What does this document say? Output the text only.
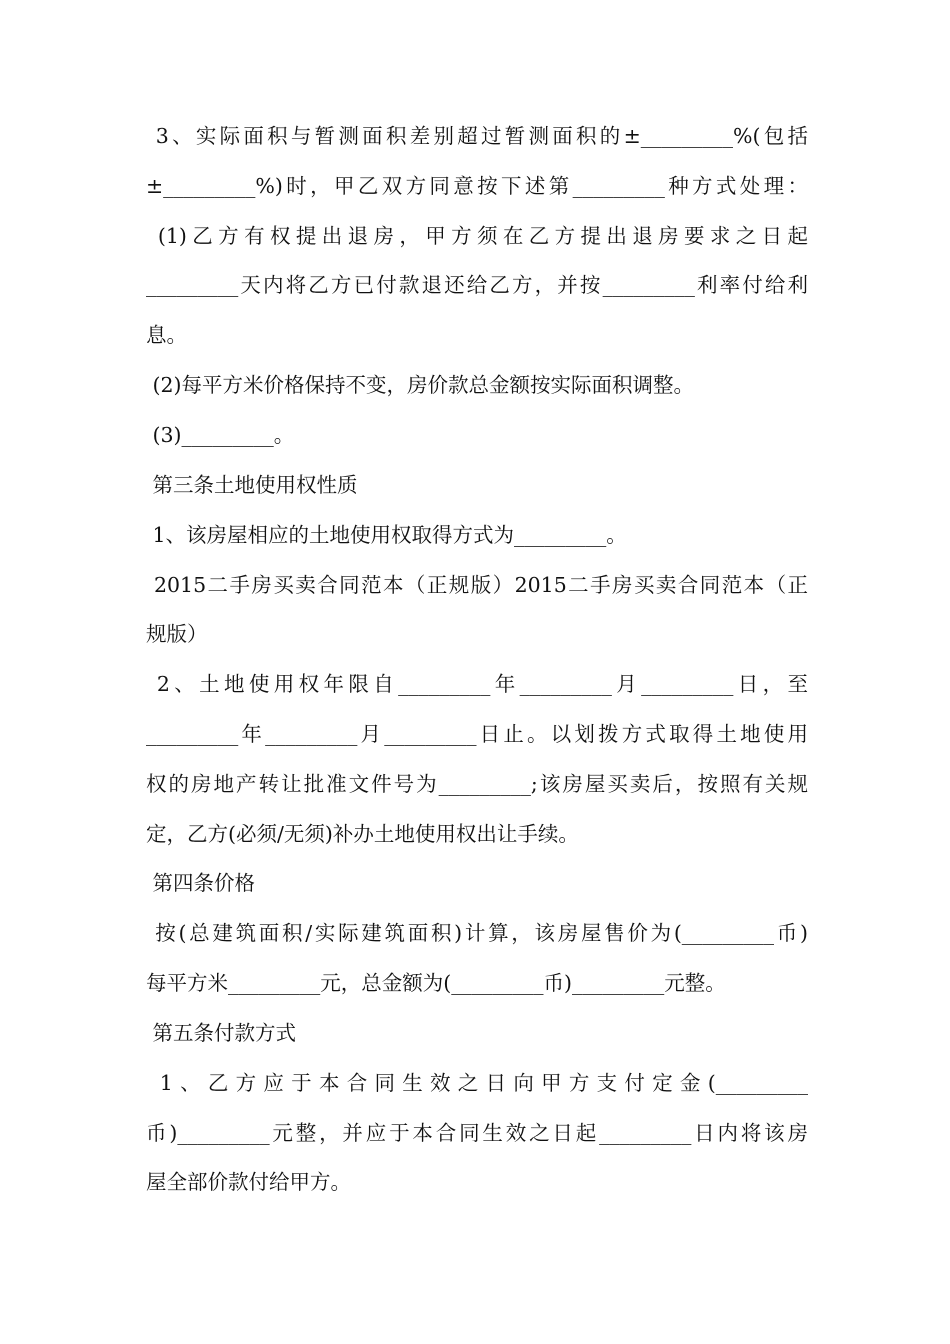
3、实际面积与暂测面积差别超过暂测面积的±_________%(包括
±_________%)时，甲乙双方同意按下述第_________种方式处理：
(1)乙方有权提出退房，甲方须在乙方提出退房要求之日起
_________天内将乙方已付款退还给乙方，并按_________利率付给利
息。
(2)每平方米价格保持不变，房价款总金额按实际面积调整。
(3)_________。
第三条土地使用权性质
1、该房屋相应的土地使用权取得方式为_________。
2015二手房买卖合同范本（正规版）2015二手房买卖合同范本（正
规版）
2、土地使用权年限自_________年_________月_________日，至
_________年_________月_________日止。以划拨方式取得土地使用
权的房地产转让批准文件号为_________;该房屋买卖后，按照有关规
定，乙方(必须/无须)补办土地使用权出让手续。
第四条价格
按(总建筑面积/实际建筑面积)计算，该房屋售价为(_________币)
每平方米_________元，总金额为(_________币)_________元整。
第五条付款方式
1、乙方应于本合同生效之日向甲方支付定金(_________
币)_________元整，并应于本合同生效之日起_________日内将该房
屋全部价款付给甲方。
